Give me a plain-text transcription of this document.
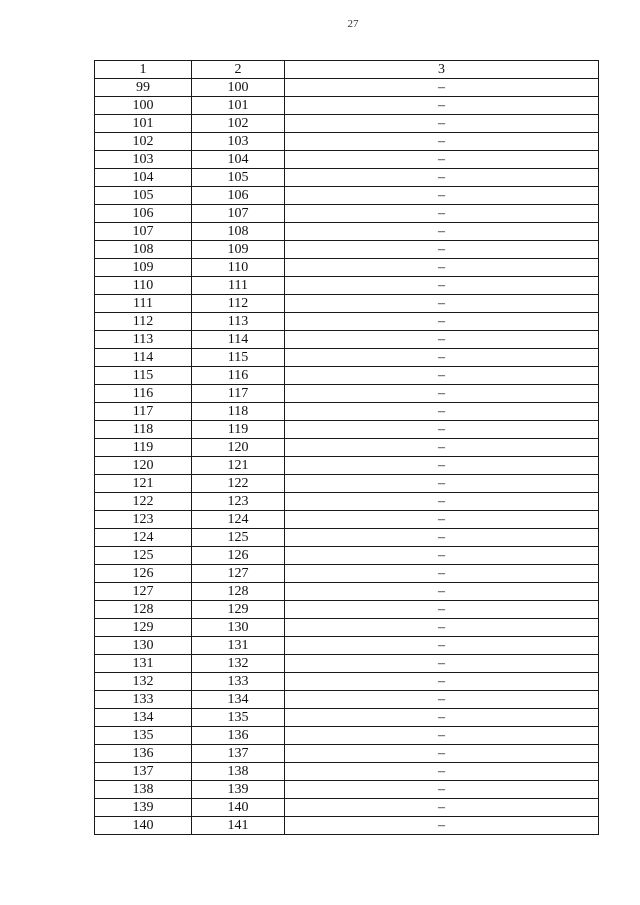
27
1	2	3
99	100	–
100	101	–
101	102	–
102	103	–
103	104	–
104	105	–
105	106	–
106	107	–
107	108	–
108	109	–
109	110	–
110	111	–
111	112	–
112	113	–
113	114	–
114	115	–
115	116	–
116	117	–
117	118	–
118	119	–
119	120	–
120	121	–
121	122	–
122	123	–
123	124	–
124	125	–
125	126	–
126	127	–
127	128	–
128	129	–
129	130	–
130	131	–
131	132	–
132	133	–
133	134	–
134	135	–
135	136	–
136	137	–
137	138	–
138	139	–
139	140	–
140	141	–
